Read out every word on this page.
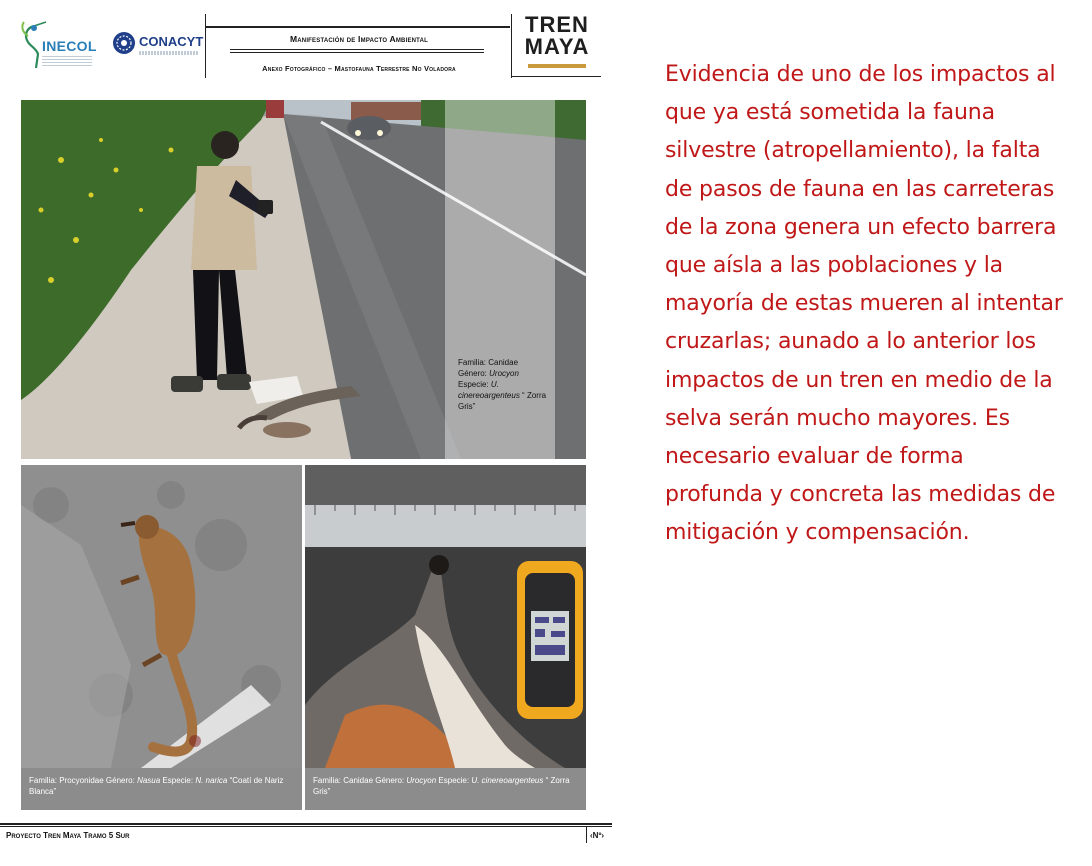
INECOL	CONACYT	Manifestación de Impacto Ambiental
Anexo Fotográfico – Mastofauna Terrestre No Voladora
TREN
MAYA
Familia: Canidae
Género: Urocyon
Especie: U. cinereoargenteus “ Zorra Gris”
Familia: Procyonidae Género: Nasua Especie: N. narica “Coatí de Nariz Blanca”
Familia: Canidae Género: Urocyon Especie: U. cinereoargenteus “ Zorra Gris”
Proyecto Tren Maya Tramo 5 Sur	‹Nº›
Evidencia de uno de los impactos al
que ya está sometida la fauna
silvestre (atropellamiento), la falta
de pasos de fauna en las carreteras
de la zona genera un efecto barrera
que aísla a las poblaciones y la
mayoría de estas mueren al intentar
cruzarlas; aunado a lo anterior los
impactos de un tren en medio de la
selva serán mucho mayores. Es
necesario evaluar de forma
profunda y concreta las medidas de
mitigación y compensación.
